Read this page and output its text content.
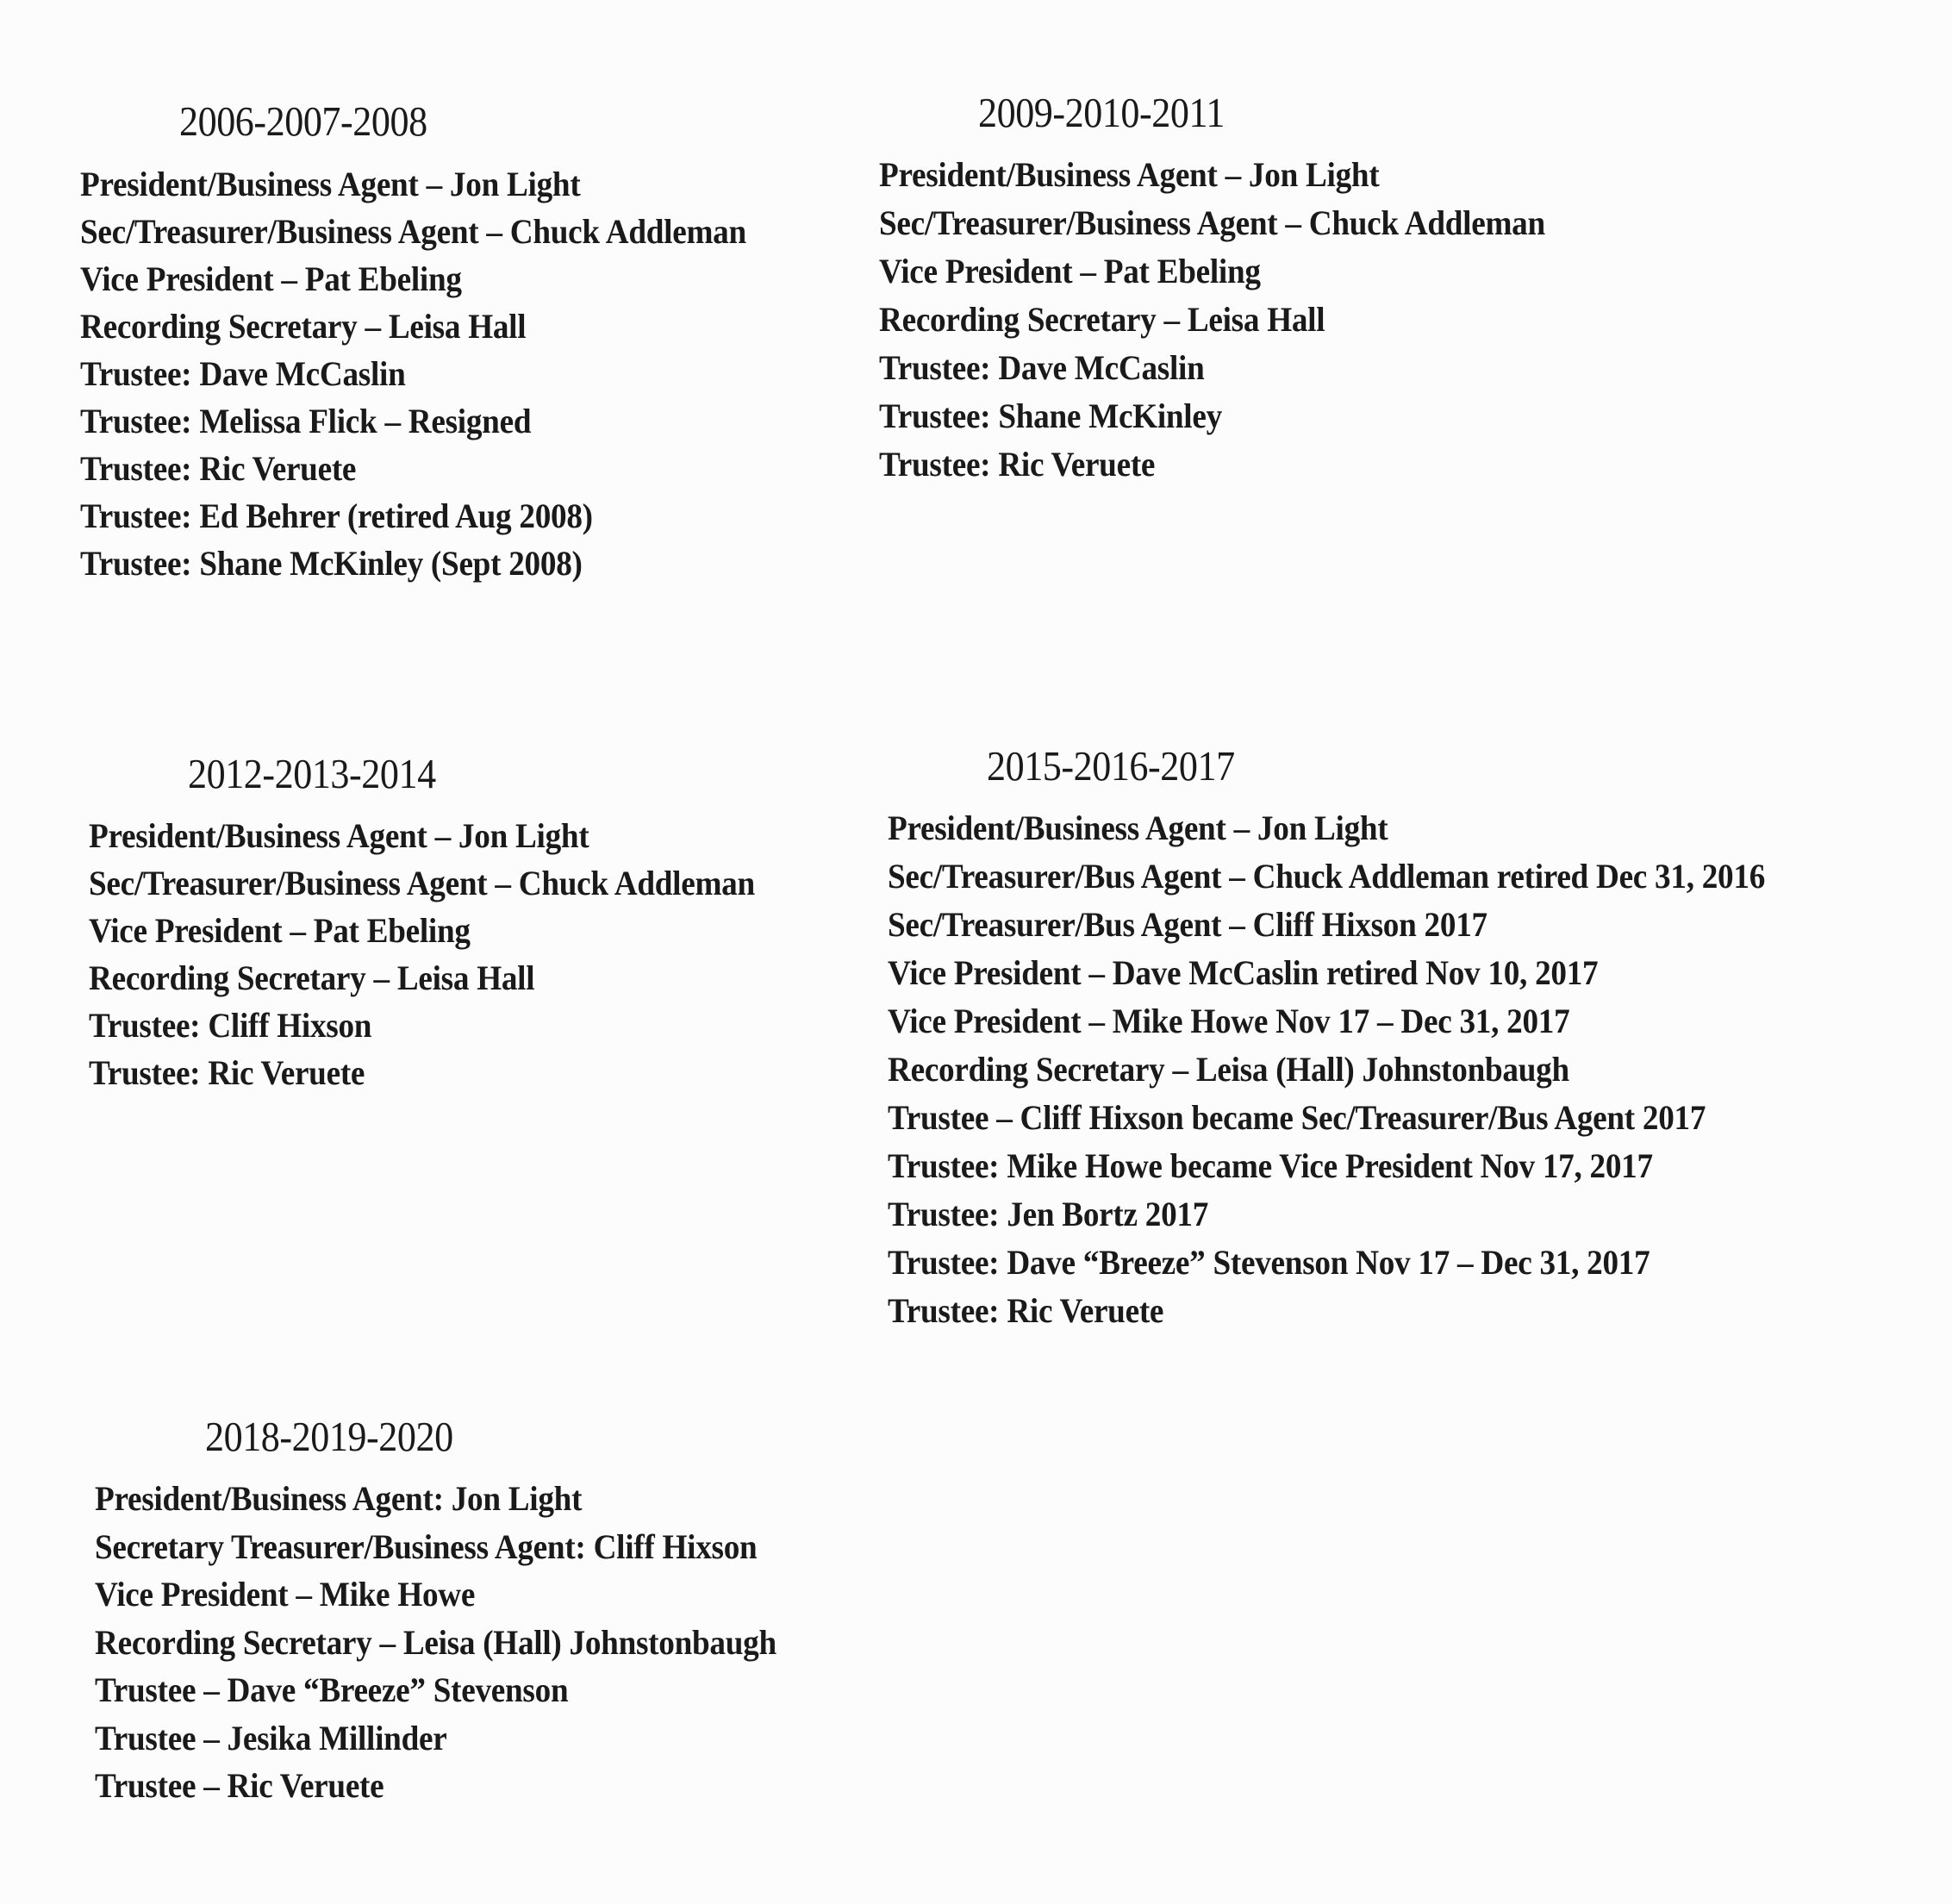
2006-2007-2008
President/Business Agent – Jon Light
Sec/Treasurer/Business Agent – Chuck Addleman
Vice President – Pat Ebeling
Recording Secretary – Leisa Hall
Trustee: Dave McCaslin
Trustee: Melissa Flick – Resigned
Trustee: Ric Veruete
Trustee: Ed Behrer (retired Aug 2008)
Trustee: Shane McKinley (Sept 2008)
2009-2010-2011
President/Business Agent – Jon Light
Sec/Treasurer/Business Agent – Chuck Addleman
Vice President – Pat Ebeling
Recording Secretary – Leisa Hall
Trustee: Dave McCaslin
Trustee: Shane McKinley
Trustee: Ric Veruete
2012-2013-2014
President/Business Agent – Jon Light
Sec/Treasurer/Business Agent – Chuck Addleman
Vice President – Pat Ebeling
Recording Secretary – Leisa Hall
Trustee: Cliff Hixson
Trustee: Ric Veruete
2015-2016-2017
President/Business Agent – Jon Light
Sec/Treasurer/Bus Agent – Chuck Addleman retired Dec 31, 2016
Sec/Treasurer/Bus Agent – Cliff Hixson 2017
Vice President – Dave McCaslin retired Nov 10, 2017
Vice President – Mike Howe Nov 17 – Dec 31, 2017
Recording Secretary – Leisa (Hall) Johnstonbaugh
Trustee – Cliff Hixson became Sec/Treasurer/Bus Agent 2017
Trustee: Mike Howe became Vice President Nov 17, 2017
Trustee: Jen Bortz 2017
Trustee: Dave “Breeze” Stevenson Nov 17 – Dec 31, 2017
Trustee: Ric Veruete
2018-2019-2020
President/Business Agent: Jon Light
Secretary Treasurer/Business Agent: Cliff Hixson
Vice President – Mike Howe
Recording Secretary – Leisa (Hall) Johnstonbaugh
Trustee – Dave “Breeze” Stevenson
Trustee – Jesika Millinder
Trustee – Ric Veruete
